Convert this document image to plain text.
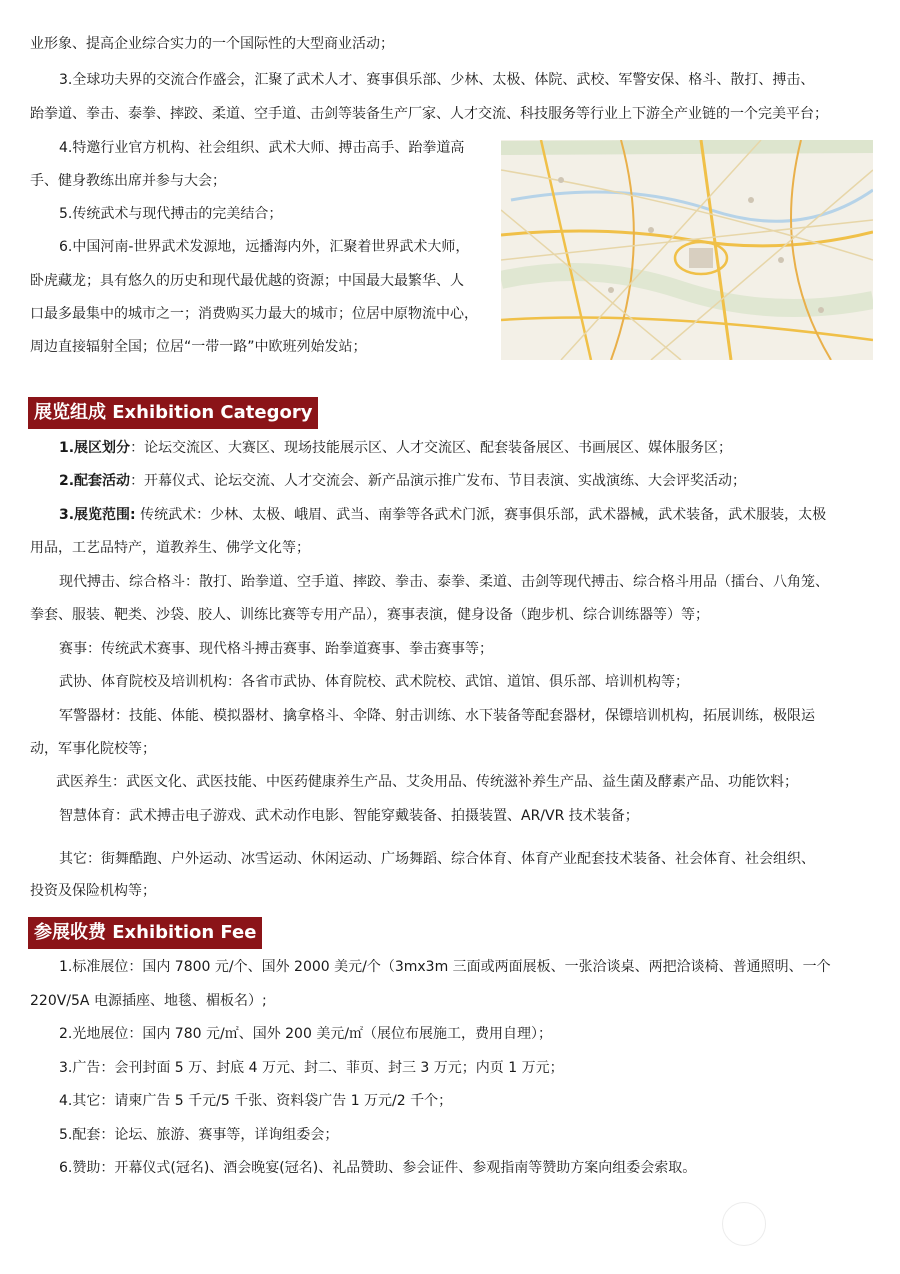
业形象、提高企业综合实力的一个国际性的大型商业活动；

3.全球功夫界的交流合作盛会，汇聚了武术人才、赛事俱乐部、少林、太极、体院、武校、军警安保、格斗、散打、搏击、

跆拳道、拳击、泰拳、摔跤、柔道、空手道、击剑等装备生产厂家、人才交流、科技服务等行业上下游全产业链的一个完美平台；

4.特邀行业官方机构、社会组织、武术大师、搏击高手、跆拳道高

手、健身教练出席并参与大会；

5.传统武术与现代搏击的完美结合；

6.中国河南-世界武术发源地，远播海内外，汇聚着世界武术大师，

卧虎藏龙；具有悠久的历史和现代最优越的资源；中国最大最繁华、人

口最多最集中的城市之一；消费购买力最大的城市；位居中原物流中心，

周边直接辐射全国；位居“一带一路”中欧班列始发站；

展览组成 Exhibition Category

1.展区划分：论坛交流区、大赛区、现场技能展示区、人才交流区、配套装备展区、书画展区、媒体服务区；

2.配套活动：开幕仪式、论坛交流、人才交流会、新产品演示推广发布、节目表演、实战演练、大会评奖活动；

3.展览范围: 传统武术：少林、太极、峨眉、武当、南拳等各武术门派，赛事俱乐部，武术器械，武术装备，武术服装，太极

用品，工艺品特产，道教养生、佛学文化等；

现代搏击、综合格斗：散打、跆拳道、空手道、摔跤、拳击、泰拳、柔道、击剑等现代搏击、综合格斗用品（擂台、八角笼、

拳套、服装、靶类、沙袋、胶人、训练比赛等专用产品），赛事表演，健身设备（跑步机、综合训练器等）等；

赛事：传统武术赛事、现代格斗搏击赛事、跆拳道赛事、拳击赛事等；

武协、体育院校及培训机构：各省市武协、体育院校、武术院校、武馆、道馆、俱乐部、培训机构等；

军警器材：技能、体能、模拟器材、擒拿格斗、伞降、射击训练、水下装备等配套器材，保镖培训机构，拓展训练，极限运

动，军事化院校等；

武医养生：武医文化、武医技能、中医药健康养生产品、艾灸用品、传统滋补养生产品、益生菌及酵素产品、功能饮料；

智慧体育：武术搏击电子游戏、武术动作电影、智能穿戴装备、拍摄装置、AR/VR 技术装备；

其它：街舞酷跑、户外运动、冰雪运动、休闲运动、广场舞蹈、综合体育、体育产业配套技术装备、社会体育、社会组织、

投资及保险机构等；

参展收费 Exhibition Fee

1.标准展位：国内 7800 元/个、国外 2000 美元/个（3mx3m 三面或两面展板、一张洽谈桌、两把洽谈椅、普通照明、一个

220V/5A 电源插座、地毯、楣板名）;

2.光地展位：国内 780 元/㎡、国外 200 美元/㎡（展位布展施工，费用自理）；

3.广告：会刊封面 5 万、封底 4 万元、封二、菲页、封三 3 万元；内页 1 万元；

4.其它：请柬广告 5 千元/5 千张、资料袋广告 1 万元/2 千个；

5.配套：论坛、旅游、赛事等，详询组委会；

6.赞助：开幕仪式(冠名)、酒会晚宴(冠名)、礼品赞助、参会证件、参观指南等赞助方案向组委会索取。
